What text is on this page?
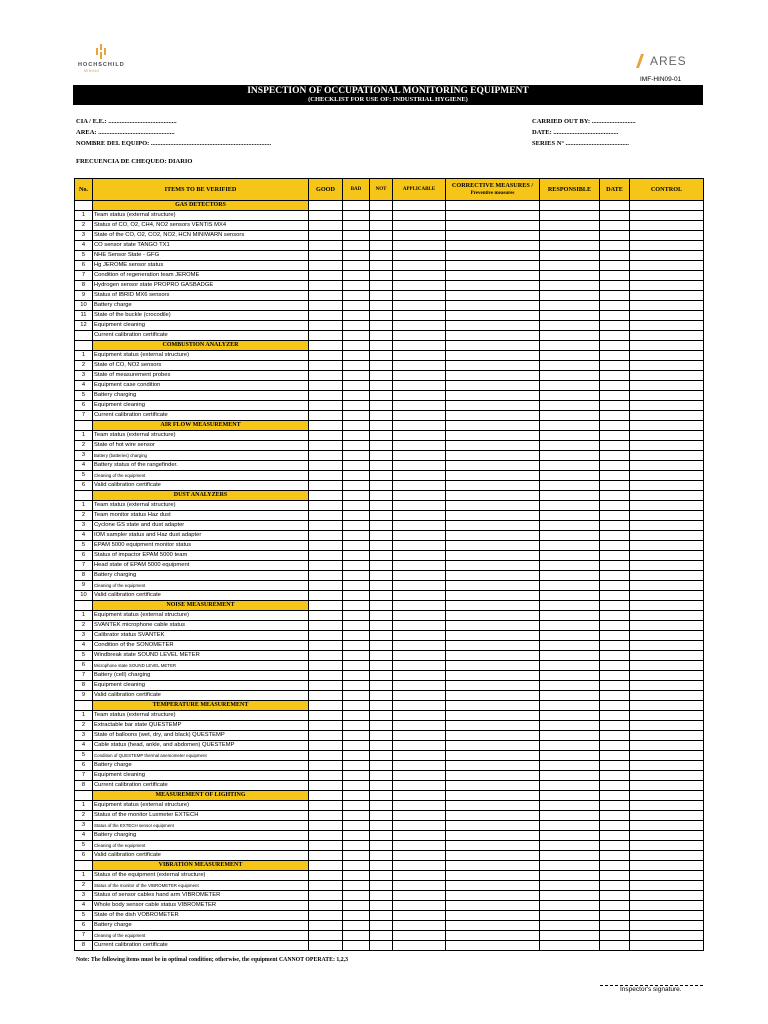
HOCHSCHILD
MINING
ARES
IMF-HIN09-01
INSPECTION OF OCCUPATIONAL MONITORING EQUIPMENT
(CHECKLIST FOR USE OF: INDUSTRIAL HYGIENE)
CIA / E.E.: ..........................................
AREA: ...............................................
NOMBRE DEL EQUIPO: ..........................................................................
CARRIED OUT BY: ...........................
DATE: ........................................
SERIES N° .......................................
FRECUENCIA DE CHEQUEO: DIARIO
No.	ITEMS TO BE VERIFIED	GOOD	BAD	NOT	APPLICABLE	CORRECTIVE MEASURES /
Preventive measures	RESPONSIBLE	DATE	CONTROL
	GAS DETECTORS								
1	Team status (external structure)								
2	Status of CO, O2, CH4, NO2 sensors VENTIS MX4								
3	State of the CO, O2, CO2, NO2, HCN MINIWARN sensors								
4	CO sensor state TANGO TX1								
5	NHE Sensor State - GFG								
6	Hg JEROME sensor status								
7	Condition of regeneration team JEROME								
8	Hydrogen sensor state PROPRO GASBADGE								
9	Status of IBRID MX6 sensors								
10	Battery charge								
11	State of the buckle (crocodile)								
12	Equipment cleaning								
	Current calibration certificate								
	COMBUSTION ANALYZER								
1	Equipment status (external structure)								
2	State of CO, NO2 sensors								
3	State of measurement probes								
4	Equipment case condition								
5	Battery charging								
6	Equipment cleaning								
7	Current calibration certificate								
	AIR FLOW MEASUREMENT								
1	Team status (external structure)								
2	State of hot wire sensor								
3	Battery (batteries) charging								
4	Battery status of the rangefinder.								
5	Cleaning of the equipment								
6	Valid calibration certificate								
	DUST ANALYZERS								
1	Team status (external structure)								
2	Team monitor status Haz dust								
3	Cyclone GS state and dust adapter								
4	IOM sampler status and Haz dust adapter								
5	EPAM 5000 equipment monitor status								
6	Status of impactor EPAM 5000 team								
7	Head state of EPAM 5000 equipment								
8	Battery charging								
9	Cleaning of the equipment								
10	Valid calibration certificate								
	NOISE MEASUREMENT								
1	Equipment status (external structure)								
2	SVANTEK microphone cable status								
3	Calibrator status SVANTEK								
4	Condition of the SONOMETER								
5	Windbreak state SOUND LEVEL METER								
6	Microphone state SOUND LEVEL METER								
7	Battery (cell) charging								
8	Equipment cleaning								
9	Valid calibration certificate								
	TEMPERATURE MEASUREMENT								
1	Team status (external structure)								
2	Extractable bar state QUESTEMP								
3	State of balloons (wet, dry, and black) QUESTEMP								
4	Cable status (head, ankle, and abdomen) QUESTEMP								
5	Condition of QUESTEMP thermal anemometer equipment								
6	Battery charge								
7	Equipment cleaning								
8	Current calibration certificate								
	MEASUREMENT OF LIGHTING								
1	Equipment status (external structure)								
2	Status of the monitor Luxmeter EXTECH								
3	Status of the EXTECH sensor equipment								
4	Battery charging								
5	Cleaning of the equipment								
6	Valid calibration certificate								
	VIBRATION MEASUREMENT								
1	Status of the equipment (external structure)								
2	Status of the monitor of the VIBROMETER equipment								
3	Status of sensor cables hand arm VIBROMETER								
4	Whole body sensor cable status VIBROMETER								
5	State of the dish VOBROMETER								
6	Battery charge								
7	Cleaning of the equipment								
8	Current calibration certificate								
Note: The following items must be in optimal condition; otherwise, the equipment CANNOT OPERATE: 1,2,3
Inspector's signature.
